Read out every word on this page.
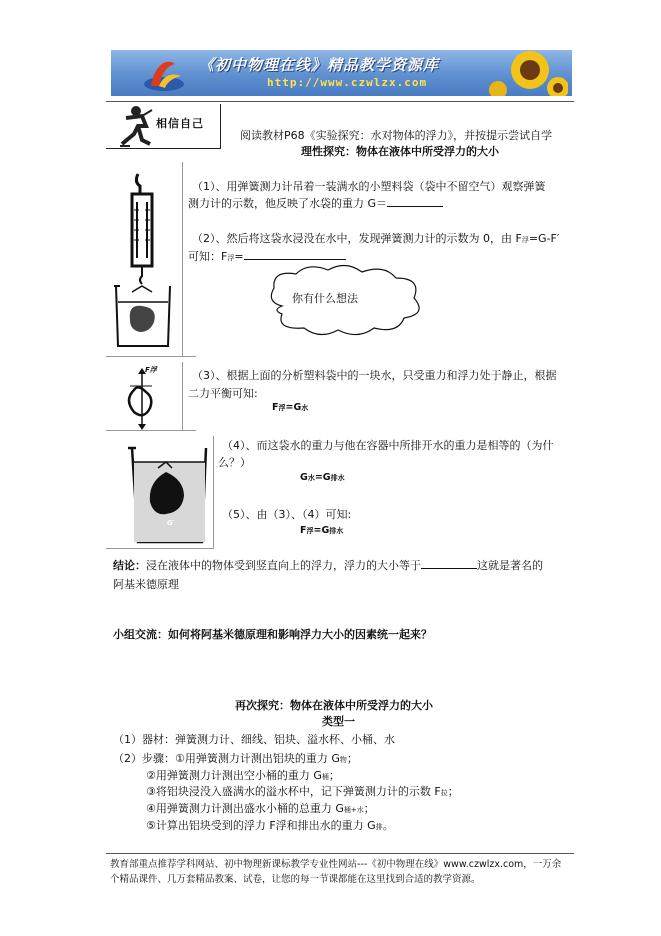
《初中物理在线》精品教学资源库
http://www.czwlzx.com
相信自己
阅读教材P68《实验探究：水对物体的浮力》，并按提示尝试自学
理性探究：物体在液体中所受浮力的大小
（1）、用弹簧测力计吊着一装满水的小塑料袋（袋中不留空气）观察弹簧
测力计的示数，他反映了水袋的重力 G＝
（2）、然后将这袋水浸没在水中，发现弹簧测力计的示数为 0，由 F浮=G-F′
可知：F浮=
你有什么想法
F浮	（3）、根据上面的分析塑料袋中的一块水，只受重力和浮力处于静止，根据
二力平衡可知:
F浮=G水
G′
（4）、而这袋水的重力与他在容器中所排开水的重力是相等的（为什
么？）
G水=G排水
（5）、由（3）、（4）可知:
F浮=G排水
结论：浸在液体中的物体受到竖直向上的浮力，浮力的大小等于	这就是著名的
阿基米德原理
小组交流：如何将阿基米德原理和影响浮力大小的因素统一起来？
再次探究：物体在液体中所受浮力的大小
类型一
（1）器材：弹簧测力计、细线、铝块、溢水杯、小桶、水
（2）步骤：①用弹簧测力计测出铝块的重力 G物；
②用弹簧测力计测出空小桶的重力 G桶；
③将铝块浸没入盛满水的溢水杯中，记下弹簧测力计的示数 F拉；
④用弹簧测力计测出盛水小桶的总重力 G桶+水；
⑤计算出铝块受到的浮力 F浮和排出水的重力 G排。
教育部重点推荐学科网站、初中物理新课标教学专业性网站---《初中物理在线》www.czwlzx.com，一万余
个精品课件、几万套精品教案、试卷，让您的每一节课都能在这里找到合适的教学资源。
